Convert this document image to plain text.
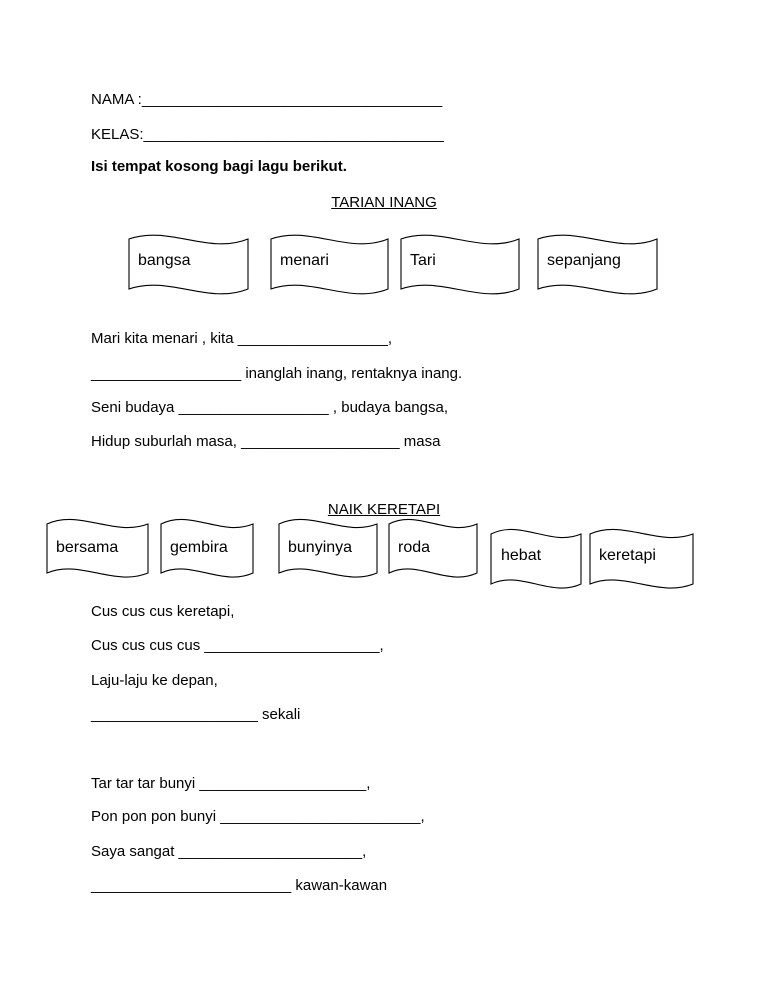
NAMA :____________________________________
KELAS:____________________________________
Isi tempat kosong bagi lagu berikut.
TARIAN INANG
bangsa	menari	Tari	sepanjang
Mari kita menari , kita __________________,
__________________ inanglah inang, rentaknya inang.
Seni budaya __________________ , budaya bangsa,
Hidup suburlah masa, ___________________ masa
NAIK KERETAPI
bersama	gembira	bunyinya	roda	hebat	keretapi
Cus cus cus keretapi,
Cus cus cus cus _____________________,
Laju-laju ke depan,
____________________ sekali
Tar tar tar bunyi ____________________,
Pon pon pon bunyi ________________________,
Saya sangat ______________________,
________________________ kawan-kawan
